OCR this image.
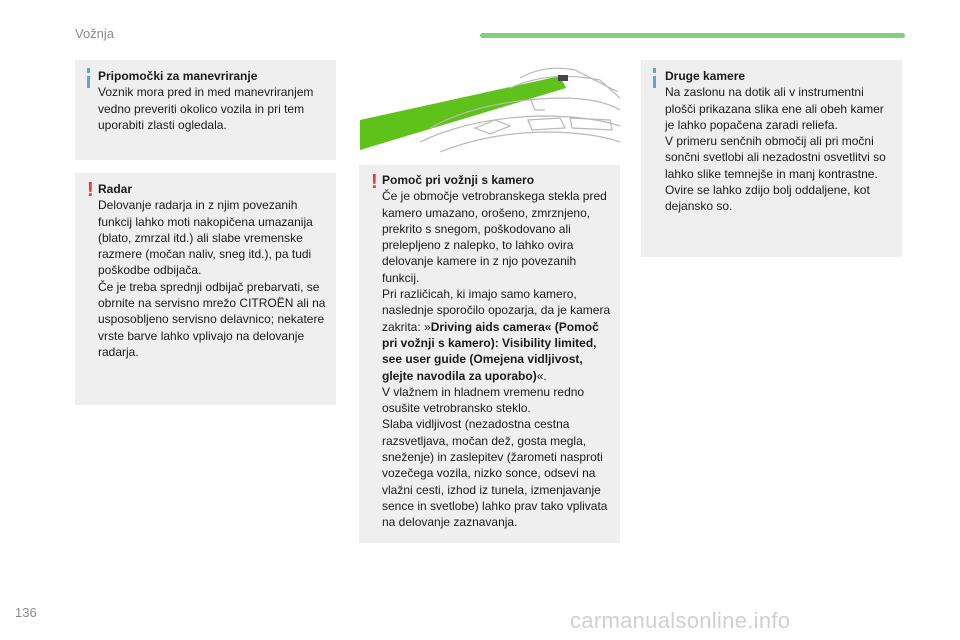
Vožnja

Pripomočki za manevriranje

Voznik mora pred in med manevriranjem vedno preveriti okolico vozila in pri tem uporabiti zlasti ogledala.

! Radar

Delovanje radarja in z njim povezanih funkcij lahko moti nakopičena umazanija (blato, zmrzal itd.) ali slabe vremenske razmere (močan naliv, sneg itd.), pa tudi poškodbe odbijača.

Če je treba sprednji odbijač prebarvati, se obrnite na servisno mrežo CITROËN ali na usposobljeno servisno delavnico; nekatere vrste barve lahko vplivajo na delovanje radarja.

! Pomoč pri vožnji s kamero

Če je območje vetrobranskega stekla pred kamero umazano, orošeno, zmrznjeno, prekrito s snegom, poškodovano ali prelepljeno z nalepko, to lahko ovira delovanje kamere in z njo povezanih funkcij.

Pri različicah, ki imajo samo kamero, naslednje sporočilo opozarja, da je kamera zakrita: »Driving aids camera« (Pomoč pri vožnji s kamero): Visibility limited, see user guide (Omejena vidljivost, glejte navodila za uporabo)«.

V vlažnem in hladnem vremenu redno osušite vetrobransko steklo.

Slaba vidljivost (nezadostna cestna razsvetljava, močan dež, gosta megla, sneženje) in zaslepitev (žarometi nasproti vozečega vozila, nizko sonce, odsevi na vlažni cesti, izhod iz tunela, izmenjavanje sence in svetlobe) lahko prav tako vplivata na delovanje zaznavanja.

Druge kamere

Na zaslonu na dotik ali v instrumentni plošči prikazana slika ene ali obeh kamer je lahko popačena zaradi reliefa.

V primeru senčnih območij ali pri močni sončni svetlobi ali nezadostni osvetlitvi so lahko slike temnejše in manj kontrastne. Ovire se lahko zdijo bolj oddaljene, kot dejansko so.

136	carmanualsonline.info
